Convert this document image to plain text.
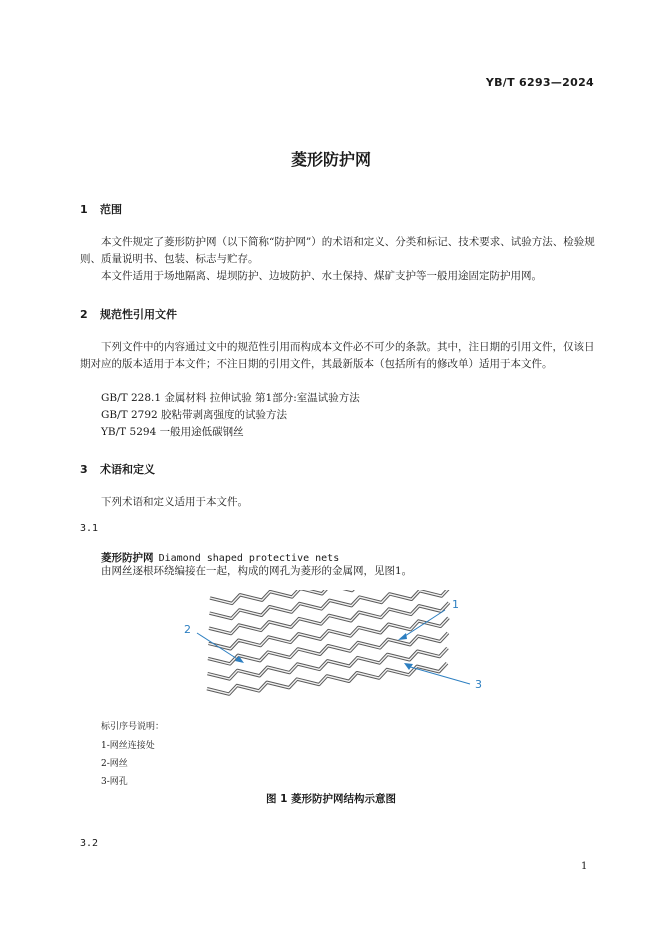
YB/T 6293—2024
菱形防护网
1 范围
本文件规定了菱形防护网（以下简称“防护网”）的术语和定义、分类和标记、技术要求、试验方法、检验规则、质量说明书、包装、标志与贮存。
本文件适用于场地隔离、堤坝防护、边坡防护、水土保持、煤矿支护等一般用途固定防护用网。
2 规范性引用文件
下列文件中的内容通过文中的规范性引用而构成本文件必不可少的条款。其中，注日期的引用文件，仅该日期对应的版本适用于本文件；不注日期的引用文件，其最新版本（包括所有的修改单）适用于本文件。
GB/T 228.1 金属材料 拉伸试验 第1部分:室温试验方法
GB/T 2792 胶粘带剥离强度的试验方法
YB/T 5294 一般用途低碳钢丝
3 术语和定义
下列术语和定义适用于本文件。
3.1
菱形防护网 Diamond shaped protective nets
由网丝逐根环绕编接在一起，构成的网孔为菱形的金属网，见图1。
1
2
3
标引序号说明：
1-网丝连接处
2-网丝
3-网孔
图 1 菱形防护网结构示意图
3.2
1
